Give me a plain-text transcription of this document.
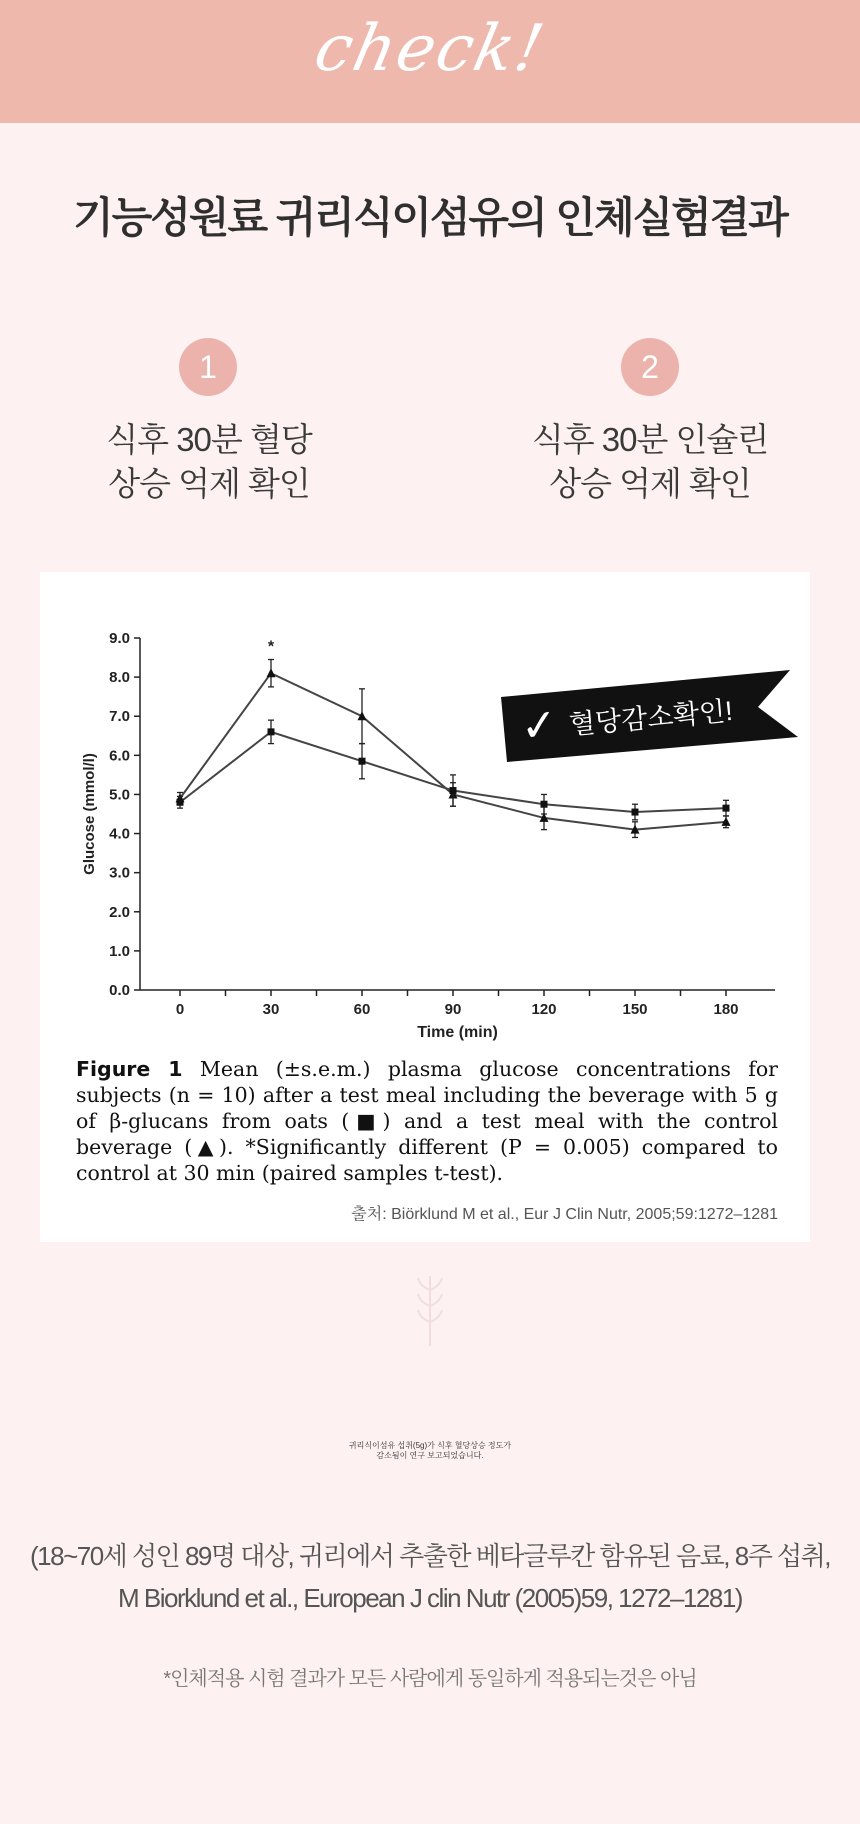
check!
기능성원료 귀리식이섬유의 인체실험결과
1
식후 30분 혈당
상승 억제 확인
2
식후 30분 인슐린
상승 억제 확인
0.0
1.0
2.0
3.0
4.0
5.0
6.0
7.0
8.0
9.0
0	30	60	90	120	150	180
Glucose (mmol/l)
Time (min)
*
✓ 혈당감소확인!
Figure 1 Mean (±s.e.m.) plasma glucose concentrations for subjects (n = 10) after a test meal including the beverage with 5 g of β-glucans from oats (■) and a test meal with the control beverage (▲). *Significantly different (P = 0.005) compared to control at 30 min (paired samples t-test).
출처: Biörklund M et al., Eur J Clin Nutr, 2005;59:1272–1281
귀리식이섬유 섭취(5g)가 식후 혈당상승 정도가
감소됨이 연구 보고되었습니다.
(18~70세 성인 89명 대상, 귀리에서 추출한 베타글루칸 함유된 음료, 8주 섭취,
M Biorklund et al., European J clin Nutr (2005)59, 1272–1281)
*인체적용 시험 결과가 모든 사람에게 동일하게 적용되는것은 아님
